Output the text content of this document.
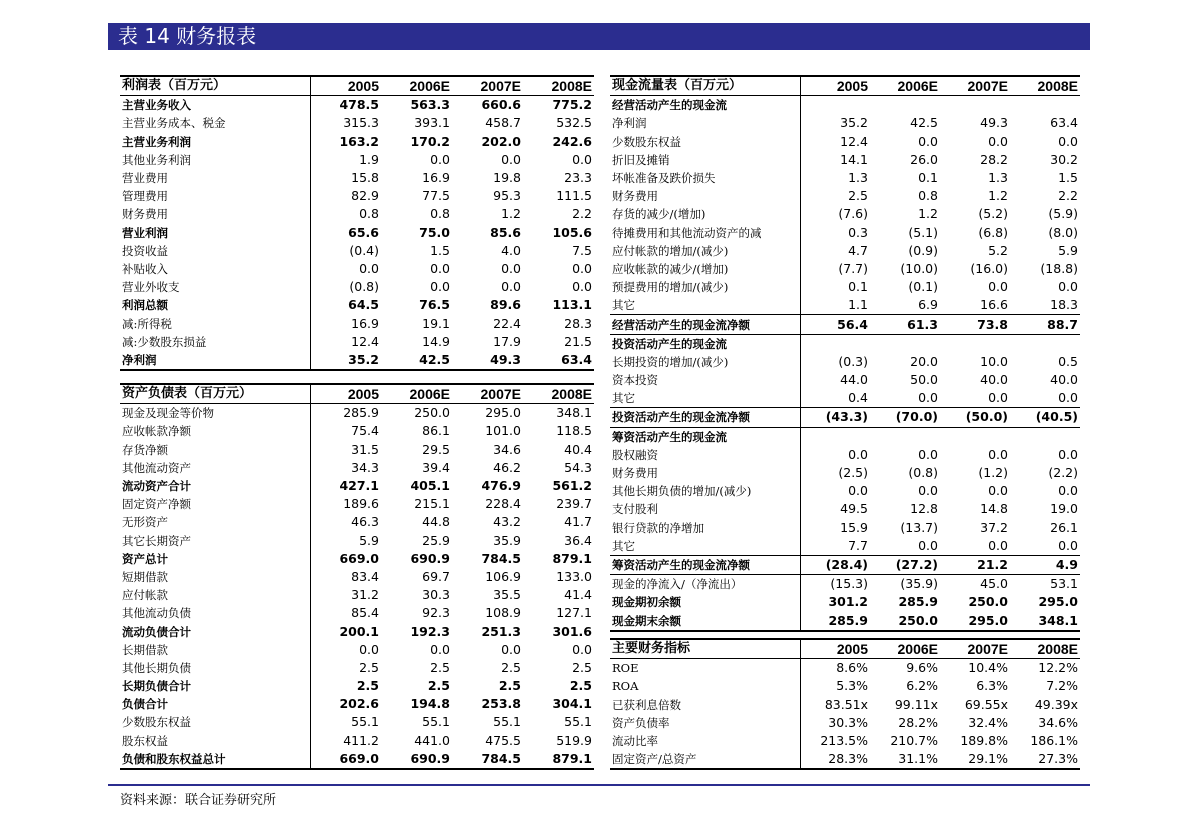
表 14 财务报表
利润表（百万元）	2005	2006E	2007E	2008E
主营业务收入	478.5	563.3	660.6	775.2
主营业务成本、税金	315.3	393.1	458.7	532.5
主营业务利润	163.2	170.2	202.0	242.6
其他业务利润	1.9	0.0	0.0	0.0
营业费用	15.8	16.9	19.8	23.3
管理费用	82.9	77.5	95.3	111.5
财务费用	0.8	0.8	1.2	2.2
营业利润	65.6	75.0	85.6	105.6
投资收益	(0.4)	1.5	4.0	7.5
补贴收入	0.0	0.0	0.0	0.0
营业外收支	(0.8)	0.0	0.0	0.0
利润总额	64.5	76.5	89.6	113.1
减:所得税	16.9	19.1	22.4	28.3
减:少数股东损益	12.4	14.9	17.9	21.5
净利润	35.2	42.5	49.3	63.4
资产负债表（百万元）	2005	2006E	2007E	2008E
现金及现金等价物	285.9	250.0	295.0	348.1
应收帐款净额	75.4	86.1	101.0	118.5
存货净额	31.5	29.5	34.6	40.4
其他流动资产	34.3	39.4	46.2	54.3
流动资产合计	427.1	405.1	476.9	561.2
固定资产净额	189.6	215.1	228.4	239.7
无形资产	46.3	44.8	43.2	41.7
其它长期资产	5.9	25.9	35.9	36.4
资产总计	669.0	690.9	784.5	879.1
短期借款	83.4	69.7	106.9	133.0
应付帐款	31.2	30.3	35.5	41.4
其他流动负债	85.4	92.3	108.9	127.1
流动负债合计	200.1	192.3	251.3	301.6
长期借款	0.0	0.0	0.0	0.0
其他长期负债	2.5	2.5	2.5	2.5
长期负债合计	2.5	2.5	2.5	2.5
负债合计	202.6	194.8	253.8	304.1
少数股东权益	55.1	55.1	55.1	55.1
股东权益	411.2	441.0	475.5	519.9
负债和股东权益总计	669.0	690.9	784.5	879.1
现金流量表（百万元）	2005	2006E	2007E	2008E
经营活动产生的现金流				
净利润	35.2	42.5	49.3	63.4
少数股东权益	12.4	0.0	0.0	0.0
折旧及摊销	14.1	26.0	28.2	30.2
坏帐准备及跌价损失	1.3	0.1	1.3	1.5
财务费用	2.5	0.8	1.2	2.2
存货的减少/(增加)	(7.6)	1.2	(5.2)	(5.9)
待摊费用和其他流动资产的减	0.3	(5.1)	(6.8)	(8.0)
应付帐款的增加/(减少)	4.7	(0.9)	5.2	5.9
应收帐款的减少/(增加)	(7.7)	(10.0)	(16.0)	(18.8)
预提费用的增加/(减少)	0.1	(0.1)	0.0	0.0
其它	1.1	6.9	16.6	18.3
经营活动产生的现金流净额	56.4	61.3	73.8	88.7
投资活动产生的现金流				
长期投资的增加/(减少)	(0.3)	20.0	10.0	0.5
资本投资	44.0	50.0	40.0	40.0
其它	0.4	0.0	0.0	0.0
投资活动产生的现金流净额	(43.3)	(70.0)	(50.0)	(40.5)
筹资活动产生的现金流				
股权融资	0.0	0.0	0.0	0.0
财务费用	(2.5)	(0.8)	(1.2)	(2.2)
其他长期负债的增加/(减少)	0.0	0.0	0.0	0.0
支付股利	49.5	12.8	14.8	19.0
银行贷款的净增加	15.9	(13.7)	37.2	26.1
其它	7.7	0.0	0.0	0.0
筹资活动产生的现金流净额	(28.4)	(27.2)	21.2	4.9
现金的净流入/（净流出）	(15.3)	(35.9)	45.0	53.1
现金期初余额	301.2	285.9	250.0	295.0
现金期末余额	285.9	250.0	295.0	348.1
主要财务指标	2005	2006E	2007E	2008E
ROE	8.6%	9.6%	10.4%	12.2%
ROA	5.3%	6.2%	6.3%	7.2%
已获利息倍数	83.51x	99.11x	69.55x	49.39x
资产负债率	30.3%	28.2%	32.4%	34.6%
流动比率	213.5%	210.7%	189.8%	186.1%
固定资产/总资产	28.3%	31.1%	29.1%	27.3%
资料来源：联合证券研究所
